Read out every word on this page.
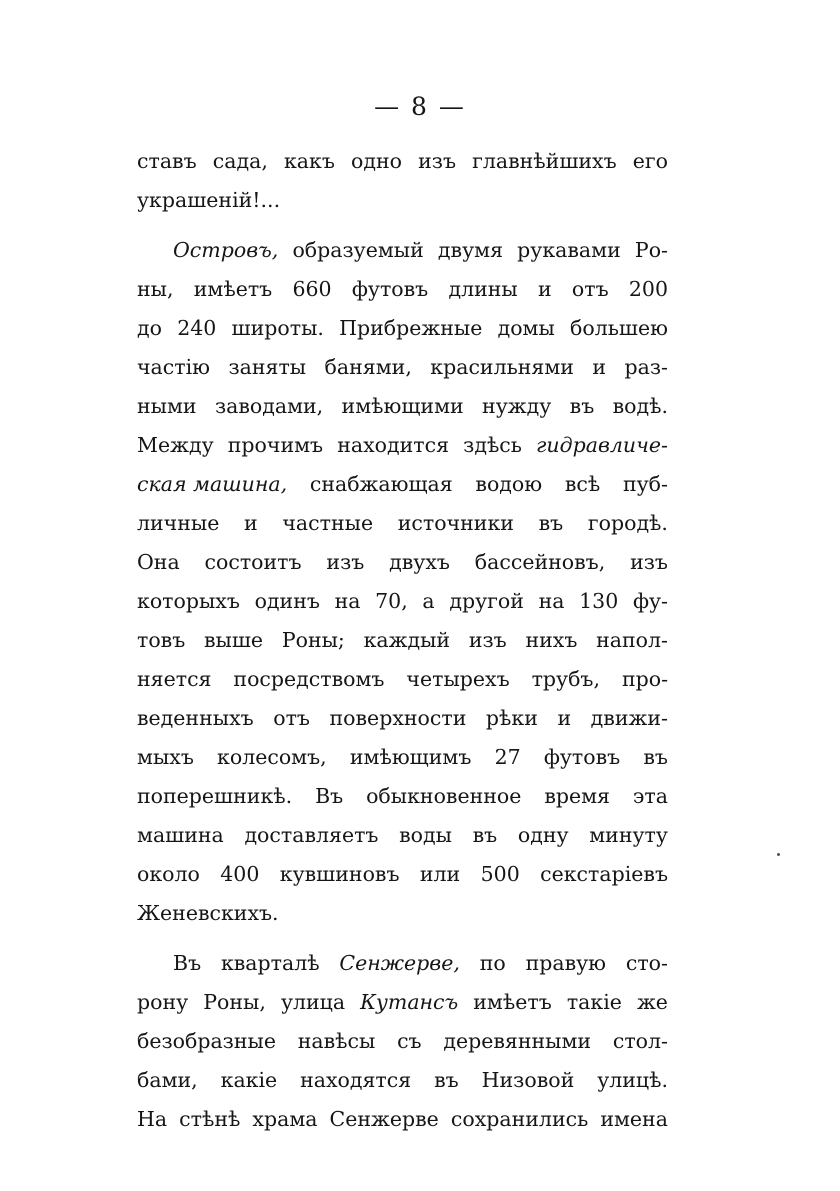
— 8 —
ставъ сада, какъ одно изъ главнѣйшихъ его
украшеній!...
Островъ, образуемый двумя рукавами Ро-
ны, имѣетъ 660 футовъ длины и отъ 200
до 240 широты. Прибрежные домы большею
частію заняты банями, красильнями и раз-
ными заводами, имѣющими нужду въ водѣ.
Между прочимъ находится здѣсь гидравличе-
ская машина, снабжающая водою всѣ пуб-
личные и частные источники въ городѣ.
Она состоитъ изъ двухъ бассейновъ, изъ
которыхъ одинъ на 70, а другой на 130 фу-
товъ выше Роны; каждый изъ нихъ напол-
няется посредствомъ четырехъ трубъ, про-
веденныхъ отъ поверхности рѣки и движи-
мыхъ колесомъ, имѣющимъ 27 футовъ въ
поперешникѣ. Въ обыкновенное время эта
машина доставляетъ воды въ одну минуту
около 400 кувшиновъ или 500 секстаріевъ
Женевскихъ.
Въ кварталѣ Сенжерве, по правую сто-
рону Роны, улица Кутансъ имѣетъ такіе же
безобразные навѣсы съ деревянными стол-
бами, какіе находятся въ Низовой улицѣ.
На стѣнѣ храма Сенжерве сохранились имена
